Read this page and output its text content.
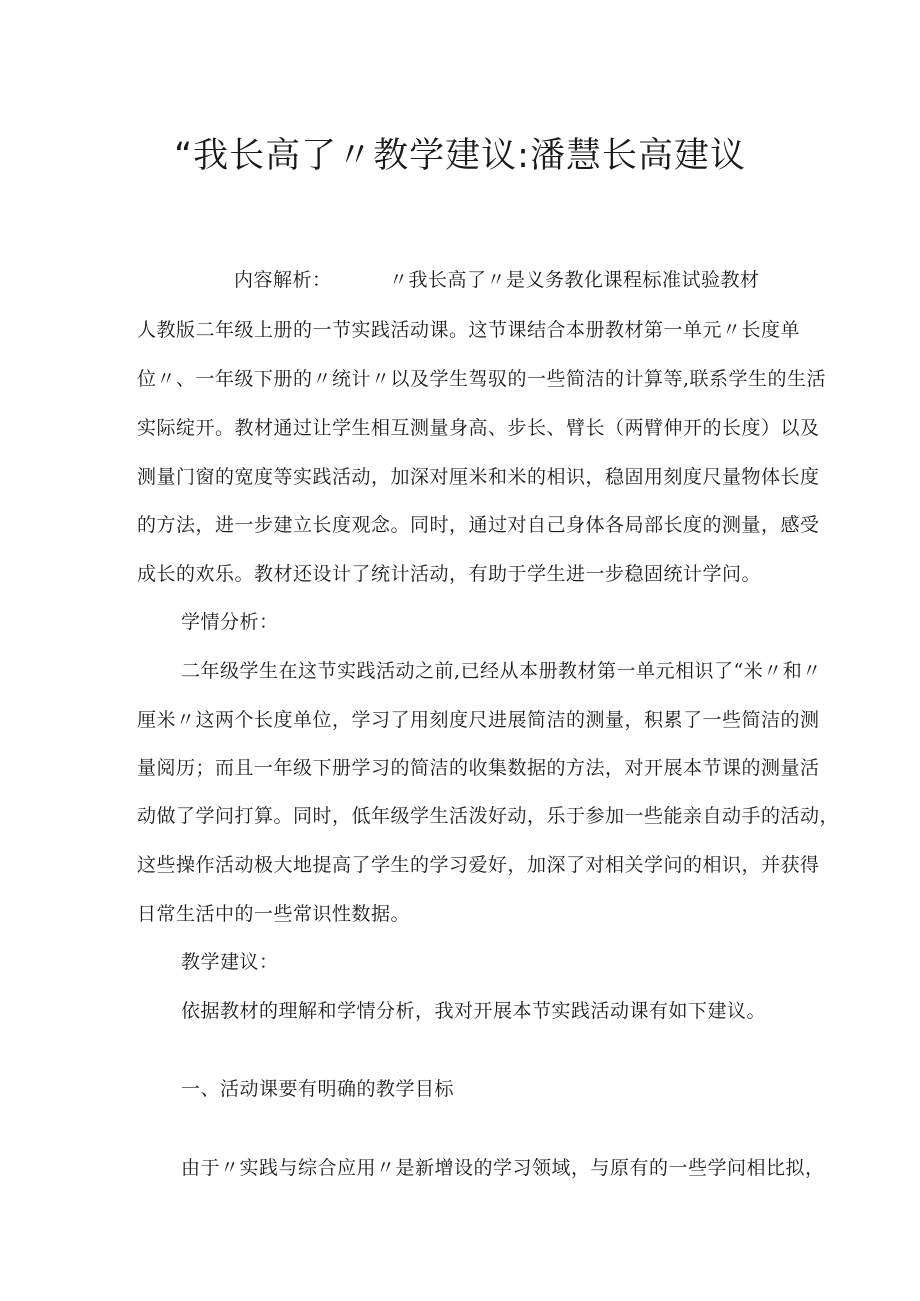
“我长高了〃教学建议:潘慧长高建议
内容解析：	〃我长高了〃是义务教化课程标准试验教材
人教版二年级上册的一节实践活动课。这节课结合本册教材第一单元〃长度单
位〃、一年级下册的〃统计〃以及学生驾驭的一些简洁的计算等,联系学生的生活
实际绽开。教材通过让学生相互测量身高、步长、臂长（两臂伸开的长度）以及
测量门窗的宽度等实践活动，加深对厘米和米的相识，稳固用刻度尺量物体长度
的方法，进一步建立长度观念。同时，通过对自己身体各局部长度的测量，感受
成长的欢乐。教材还设计了统计活动，有助于学生进一步稳固统计学问。
学情分析：
二年级学生在这节实践活动之前,已经从本册教材第一单元相识了“米〃和〃
厘米〃这两个长度单位，学习了用刻度尺进展简洁的测量，积累了一些简洁的测
量阅历；而且一年级下册学习的简洁的收集数据的方法，对开展本节课的测量活
动做了学问打算。同时，低年级学生活泼好动，乐于参加一些能亲自动手的活动，
这些操作活动极大地提高了学生的学习爱好，加深了对相关学问的相识，并获得
日常生活中的一些常识性数据。
教学建议：
依据教材的理解和学情分析，我对开展本节实践活动课有如下建议。
一、活动课要有明确的教学目标
由于〃实践与综合应用〃是新增设的学习领域，与原有的一些学问相比拟，
